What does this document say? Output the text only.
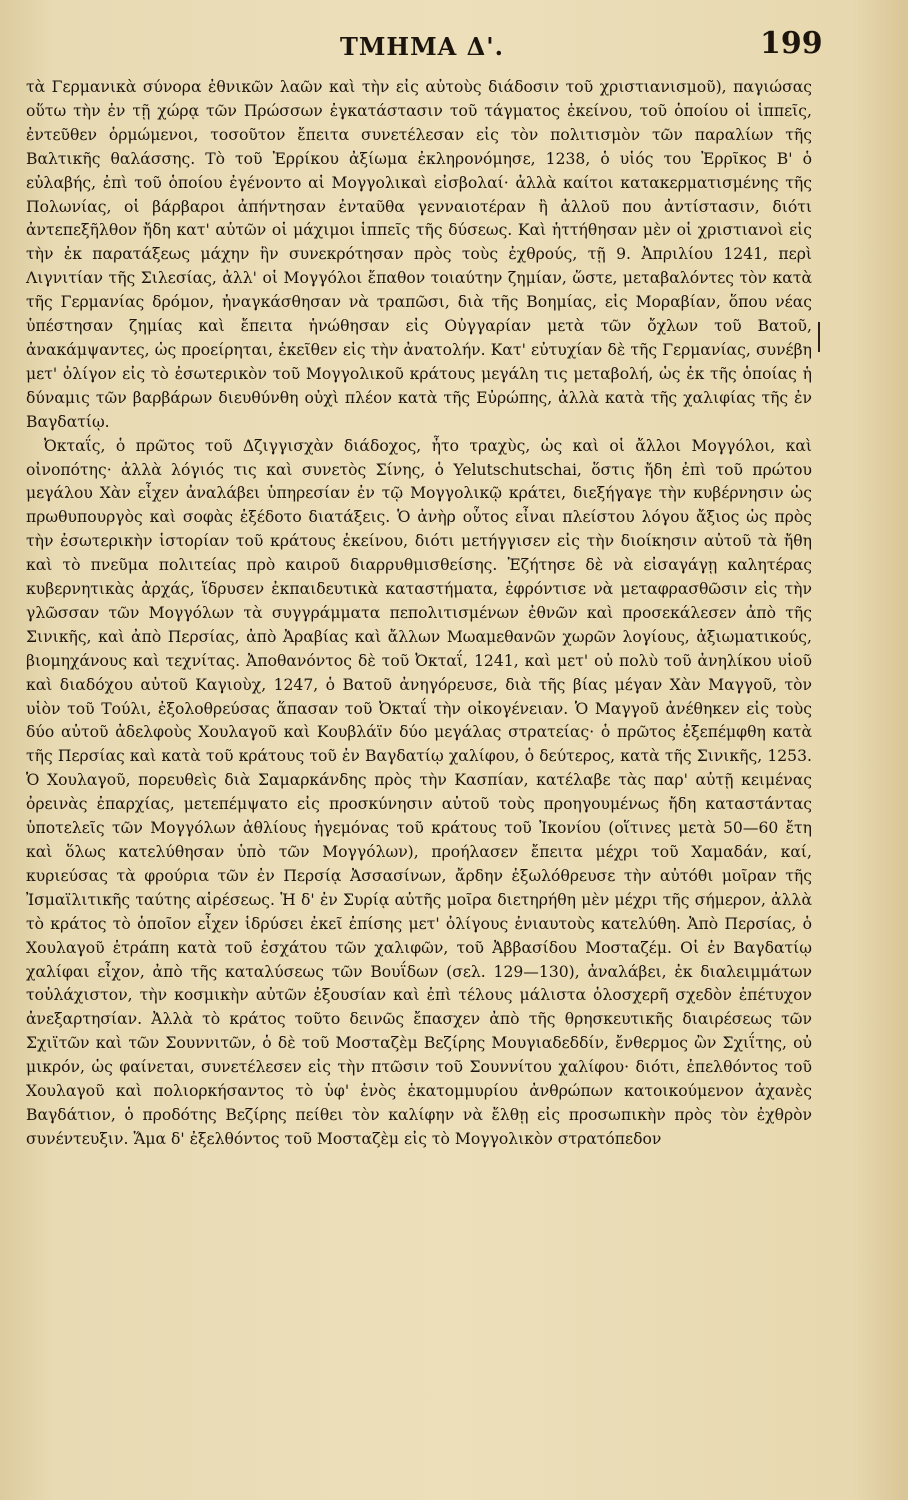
ΤΜΗΜΑ Δ'.	199

τὰ Γερμανικὰ σύνορα ἐθνικῶν λαῶν καὶ τὴν εἰς αὐτοὺς διάδοσιν τοῦ χριστιανισμοῦ), παγιώσας οὕτω τὴν ἐν τῇ χώρᾳ τῶν Πρώσσων ἐγκατάστασιν τοῦ τάγματος ἐκείνου, τοῦ ὁποίου οἱ ἱππεῖς, ἐντεῦθεν ὁρμώμενοι, τοσοῦτον ἔπειτα συνετέλεσαν εἰς τὸν πολιτισμὸν τῶν παραλίων τῆς Βαλτικῆς θαλάσσης. Τὸ τοῦ Ἐρρίκου ἀξίωμα ἐκληρονόμησε, 1238, ὁ υἱός του Ἐρρῖκος Β' ὁ εὐλαβής, ἐπὶ τοῦ ὁποίου ἐγένοντο αἱ Μογγολικαὶ εἰσβολαί· ἀλλὰ καίτοι κατακερματισμένης τῆς Πολωνίας, οἱ βάρβαροι ἀπήντησαν ἐνταῦθα γενναιοτέραν ἢ ἀλλοῦ που ἀντίστασιν, διότι ἀντεπεξῆλθον ἤδη κατ' αὐτῶν οἱ μάχιμοι ἱππεῖς τῆς δύσεως. Καὶ ἡττήθησαν μὲν οἱ χριστιανοὶ εἰς τὴν ἐκ παρατάξεως μάχην ἣν συνεκρότησαν πρὸς τοὺς ἐχθρούς, τῇ 9. Ἀπριλίου 1241, περὶ Λιγνιτίαν τῆς Σιλεσίας, ἀλλ' οἱ Μογγόλοι ἔπαθον τοιαύτην ζημίαν, ὥστε, μεταβαλόντες τὸν κατὰ τῆς Γερμανίας δρόμον, ἠναγκάσθησαν νὰ τραπῶσι, διὰ τῆς Βοημίας, εἰς Μοραβίαν, ὅπου νέας ὑπέστησαν ζημίας καὶ ἔπειτα ἡνώθησαν εἰς Οὐγγαρίαν μετὰ τῶν ὄχλων τοῦ Βατοῦ, ἀνακάμψαντες, ὡς προείρηται, ἐκεῖθεν εἰς τὴν ἀνατολήν. Κατ' εὐτυχίαν δὲ τῆς Γερμανίας, συνέβη μετ' ὀλίγον εἰς τὸ ἐσωτερικὸν τοῦ Μογγολικοῦ κράτους μεγάλη τις μεταβολή, ὡς ἐκ τῆς ὁποίας ἡ δύναμις τῶν βαρβάρων διευθύνθη οὐχὶ πλέον κατὰ τῆς Εὐρώπης, ἀλλὰ κατὰ τῆς χαλιφίας τῆς ἐν Βαγδατίῳ.

Ὀκταΐς, ὁ πρῶτος τοῦ Δζιγγισχὰν διάδοχος, ἦτο τραχὺς, ὡς καὶ οἱ ἄλλοι Μογγόλοι, καὶ οἰνοπότης· ἀλλὰ λόγιός τις καὶ συνετὸς Σίνης, ὁ Yelutschutschai, ὅστις ἤδη ἐπὶ τοῦ πρώτου μεγάλου Χὰν εἶχεν ἀναλάβει ὑπηρεσίαν ἐν τῷ Μογγολικῷ κράτει, διεξήγαγε τὴν κυβέρνησιν ὡς πρωθυπουργὸς καὶ σοφὰς ἐξέδοτο διατάξεις. Ὁ ἀνὴρ οὗτος εἶναι πλείστου λόγου ἄξιος ὡς πρὸς τὴν ἐσωτερικὴν ἱστορίαν τοῦ κράτους ἐκείνου, διότι μετήγγισεν εἰς τὴν διοίκησιν αὐτοῦ τὰ ἤθη καὶ τὸ πνεῦμα πολιτείας πρὸ καιροῦ διαρρυθμισθείσης. Ἐζήτησε δὲ νὰ εἰσαγάγῃ καλητέρας κυβερνητικὰς ἀρχάς, ἵδρυσεν ἐκπαιδευτικὰ καταστήματα, ἐφρόντισε νὰ μεταφρασθῶσιν εἰς τὴν γλῶσσαν τῶν Μογγόλων τὰ συγγράμματα πεπολιτισμένων ἐθνῶν καὶ προσεκάλεσεν ἀπὸ τῆς Σινικῆς, καὶ ἀπὸ Περσίας, ἀπὸ Ἀραβίας καὶ ἄλλων Μωαμεθανῶν χωρῶν λογίους, ἀξιωματικούς, βιομηχάνους καὶ τεχνίτας. Ἀποθανόντος δὲ τοῦ Ὀκταΐ, 1241, καὶ μετ' οὐ πολὺ τοῦ ἀνηλίκου υἱοῦ καὶ διαδόχου αὐτοῦ Καγιοὺχ, 1247, ὁ Βατοῦ ἀνηγόρευσε, διὰ τῆς βίας μέγαν Χὰν Μαγγοῦ, τὸν υἱὸν τοῦ Τούλι, ἐξολοθρεύσας ἅπασαν τοῦ Ὀκταΐ τὴν οἰκογένειαν. Ὁ Μαγγοῦ ἀνέθηκεν εἰς τοὺς δύο αὐτοῦ ἀδελφοὺς Χουλαγοῦ καὶ Κουβλάϊν δύο μεγάλας στρατείας· ὁ πρῶτος ἐξεπέμφθη κατὰ τῆς Περσίας καὶ κατὰ τοῦ κράτους τοῦ ἐν Βαγδατίῳ χαλίφου, ὁ δεύτερος, κατὰ τῆς Σινικῆς, 1253. Ὁ Χουλαγοῦ, πορευθεὶς διὰ Σαμαρκάνδης πρὸς τὴν Κασπίαν, κατέλαβε τὰς παρ' αὐτῇ κειμένας ὀρεινὰς ἐπαρχίας, μετεπέμψατο εἰς προσκύνησιν αὐτοῦ τοὺς προηγουμένως ἤδη καταστάντας ὑποτελεῖς τῶν Μογγόλων ἀθλίους ἡγεμόνας τοῦ κράτους τοῦ Ἰκονίου (οἵτινες μετὰ 50—60 ἔτη καὶ ὅλως κατελύθησαν ὑπὸ τῶν Μογγόλων), προήλασεν ἔπειτα μέχρι τοῦ Χαμαδάν, καί, κυριεύσας τὰ φρούρια τῶν ἐν Περσίᾳ Ἀσσασίνων, ἄρδην ἐξωλόθρευσε τὴν αὐτόθι μοῖραν τῆς Ἰσμαϊλιτικῆς ταύτης αἱρέσεως. Ἡ δ' ἐν Συρίᾳ αὐτῆς μοῖρα διετηρήθη μὲν μέχρι τῆς σήμερον, ἀλλὰ τὸ κράτος τὸ ὁποῖον εἶχεν ἱδρύσει ἐκεῖ ἐπίσης μετ' ὀλίγους ἐνιαυτοὺς κατελύθη. Ἀπὸ Περσίας, ὁ Χουλαγοῦ ἐτράπη κατὰ τοῦ ἐσχάτου τῶν χαλιφῶν, τοῦ Ἀββασίδου Μοσταζέμ. Οἱ ἐν Βαγδατίῳ χαλίφαι εἶχον, ἀπὸ τῆς καταλύσεως τῶν Βουΐδων (σελ. 129—130), ἀναλάβει, ἐκ διαλειμμάτων τοὐλάχιστον, τὴν κοσμικὴν αὐτῶν ἐξουσίαν καὶ ἐπὶ τέλους μάλιστα ὁλοσχερῆ σχεδὸν ἐπέτυχον ἀνεξαρτησίαν. Ἀλλὰ τὸ κράτος τοῦτο δεινῶς ἔπασχεν ἀπὸ τῆς θρησκευτικῆς διαιρέσεως τῶν Σχιϊτῶν καὶ τῶν Σουννιτῶν, ὁ δὲ τοῦ Μοσταζὲμ Βεζίρης Μουγιαδεδδίν, ἔνθερμος ὢν Σχιΐτης, οὐ μικρόν, ὡς φαίνεται, συνετέλεσεν εἰς τὴν πτῶσιν τοῦ Σουννίτου χαλίφου· διότι, ἐπελθόντος τοῦ Χουλαγοῦ καὶ πολιορκήσαντος τὸ ὑφ' ἑνὸς ἑκατομμυρίου ἀνθρώπων κατοικούμενον ἀχανὲς Βαγδάτιον, ὁ προδότης Βεζίρης πείθει τὸν καλίφην νὰ ἔλθῃ εἰς προσωπικὴν πρὸς τὸν ἐχθρὸν συνέντευξιν. Ἅμα δ' ἐξελθόντος τοῦ Μοσταζὲμ εἰς τὸ Μογγολικὸν στρατόπεδον
